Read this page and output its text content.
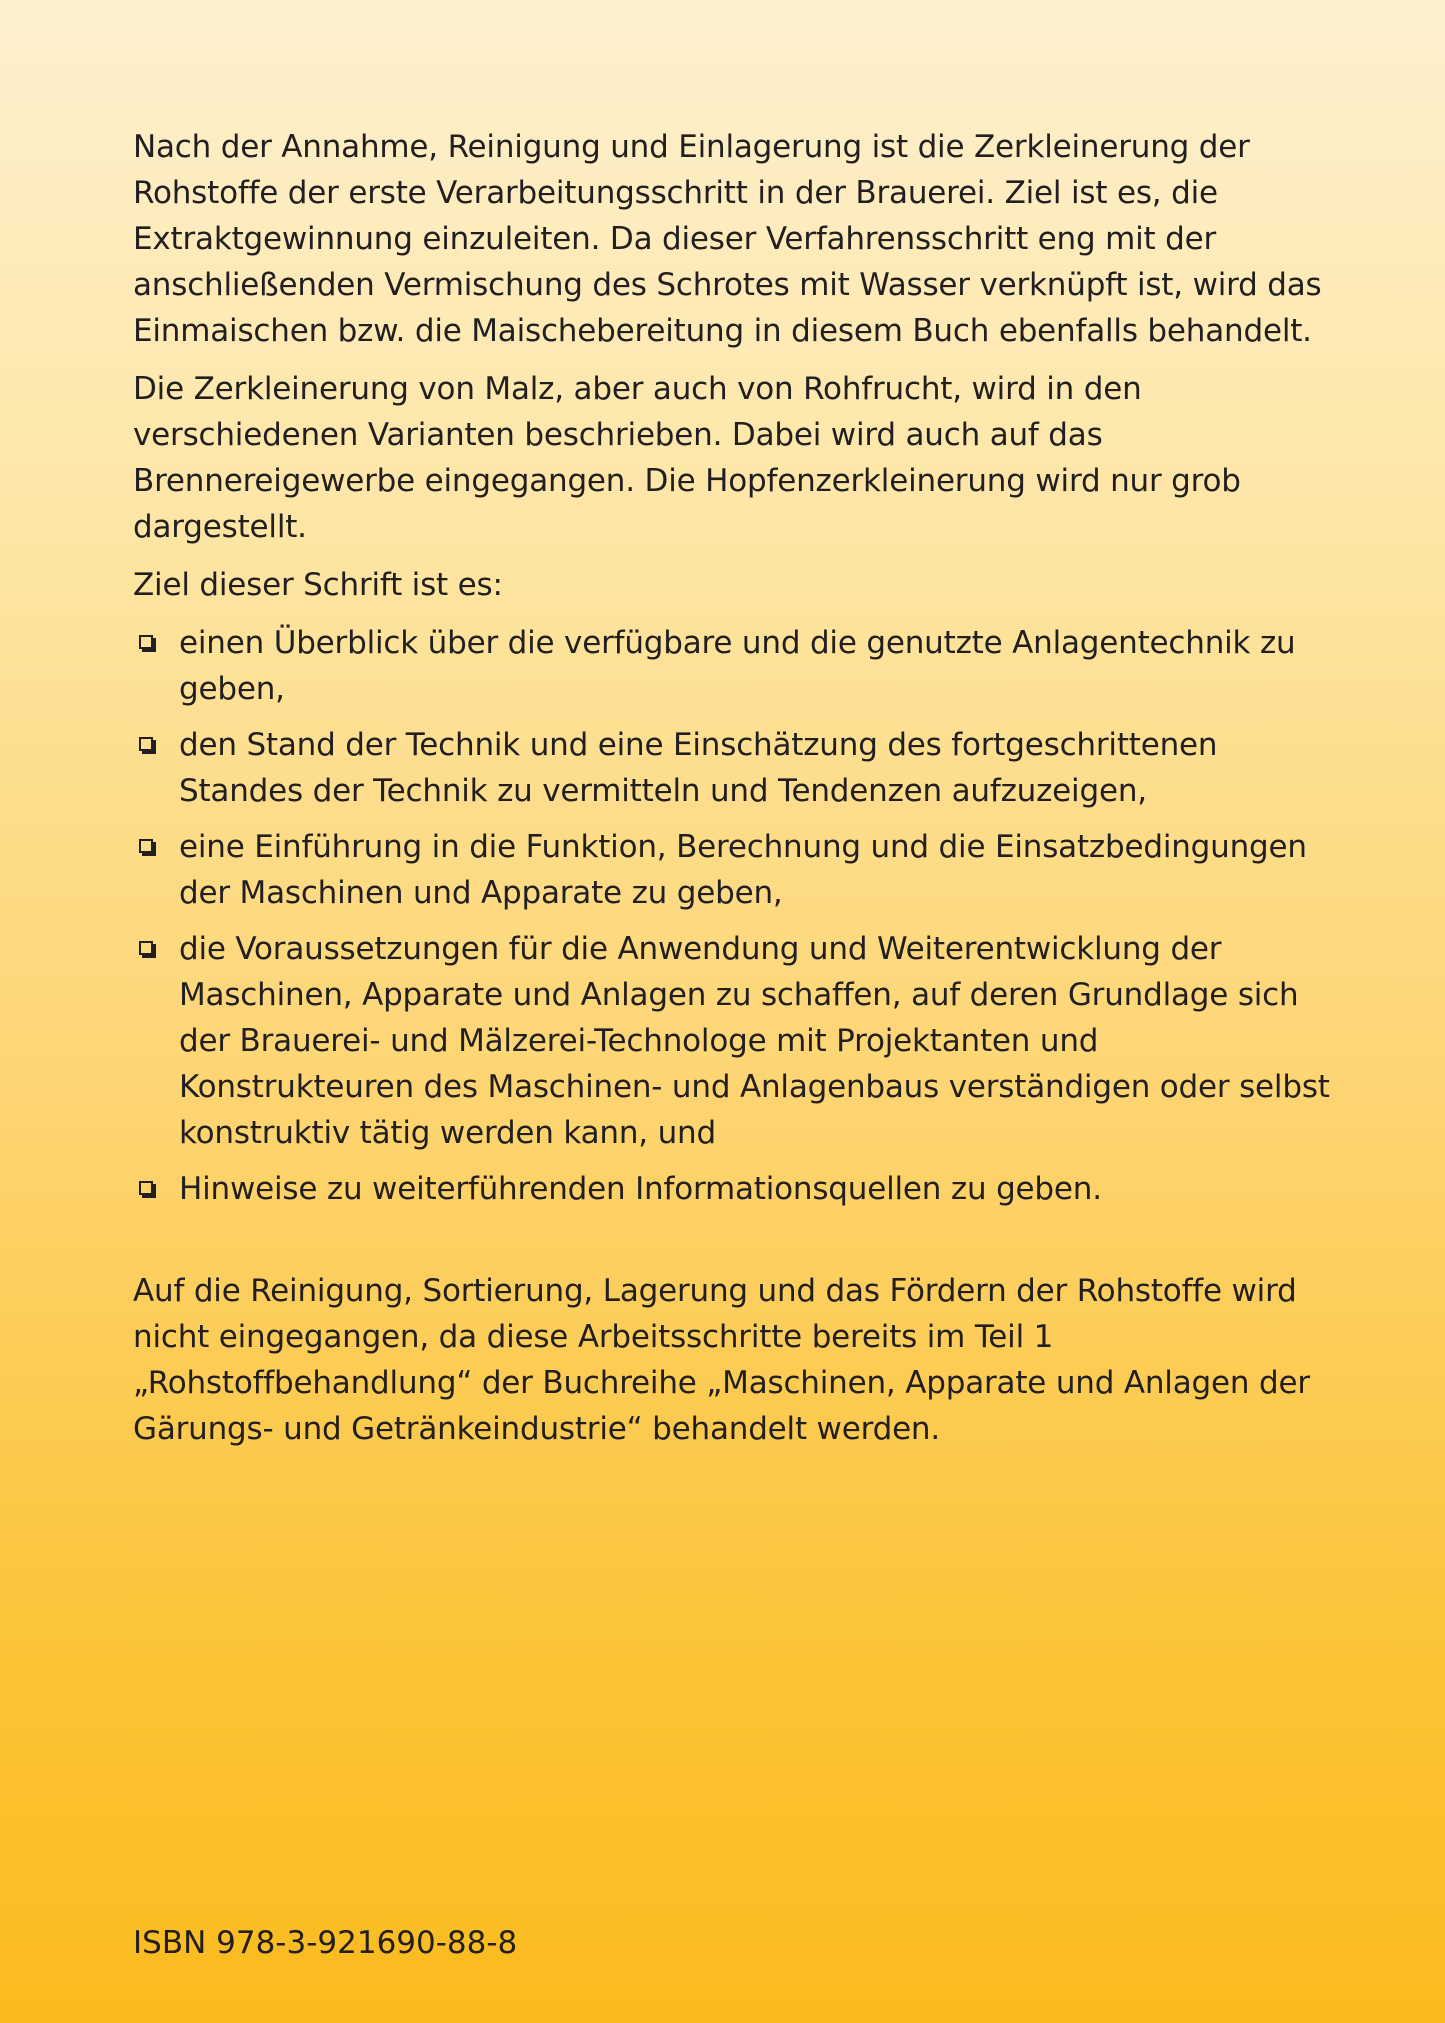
Nach der Annahme, Reinigung und Einlagerung ist die Zerkleinerung der Rohstoffe der erste Verarbeitungsschritt in der Brauerei. Ziel ist es, die Extraktgewinnung einzuleiten. Da dieser Verfahrensschritt eng mit der anschließenden Vermischung des Schrotes mit Wasser verknüpft ist, wird das Einmaischen bzw. die Maischebereitung in diesem Buch ebenfalls behandelt.

Die Zerkleinerung von Malz, aber auch von Rohfrucht, wird in den verschiedenen Varianten beschrieben. Dabei wird auch auf das Brennereigewerbe eingegangen. Die Hopfenzerkleinerung wird nur grob dargestellt.

Ziel dieser Schrift ist es:

einen Überblick über die verfügbare und die genutzte Anlagentechnik zu geben,
den Stand der Technik und eine Einschätzung des fortgeschrittenen Standes der Technik zu vermitteln und Tendenzen aufzuzeigen,
eine Einführung in die Funktion, Berechnung und die Einsatzbedingungen der Maschinen und Apparate zu geben,
die Voraussetzungen für die Anwendung und Weiterentwicklung der Maschinen, Apparate und Anlagen zu schaffen, auf deren Grundlage sich der Brauerei- und Mälzerei-Technologe mit Projektanten und Konstrukteuren des Maschinen- und Anlagenbaus verständigen oder selbst konstruktiv tätig werden kann, und
Hinweise zu weiterführenden Informationsquellen zu geben.

Auf die Reinigung, Sortierung, Lagerung und das Fördern der Rohstoffe wird nicht eingegangen, da diese Arbeitsschritte bereits im Teil 1 „Rohstoffbehandlung“ der Buchreihe „Maschinen, Apparate und Anlagen der Gärungs- und Getränkeindustrie“ behandelt werden.

ISBN 978-3-921690-88-8
